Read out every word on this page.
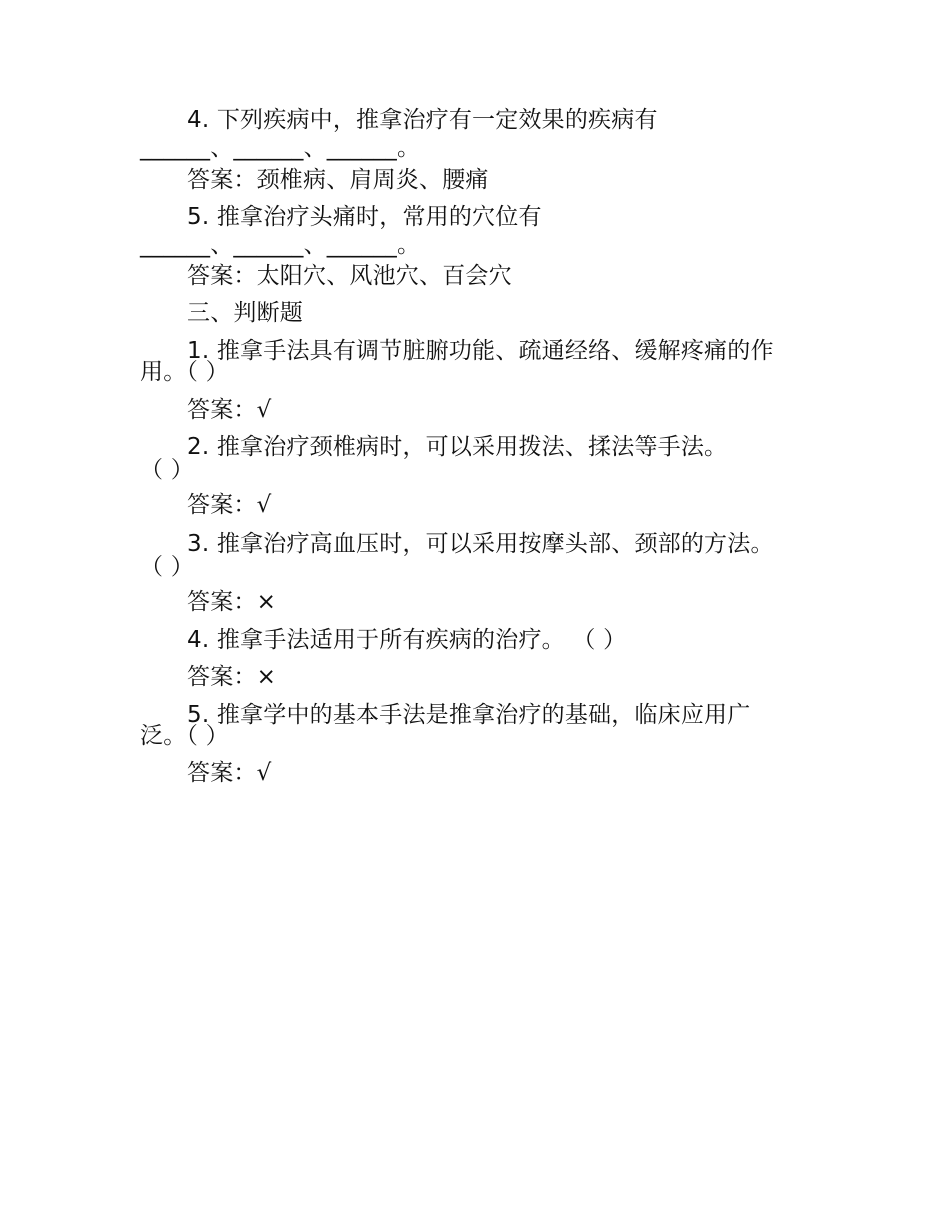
4. 下列疾病中，推拿治疗有一定效果的疾病有
______、______、______。
答案：颈椎病、肩周炎、腰痛
5. 推拿治疗头痛时，常用的穴位有
______、______、______。
答案：太阳穴、风池穴、百会穴
三、判断题
1. 推拿手法具有调节脏腑功能、疏通经络、缓解疼痛的作
用。（ ）
答案：√
2. 推拿治疗颈椎病时，可以采用拨法、揉法等手法。
（ ）
答案：√
3. 推拿治疗高血压时，可以采用按摩头部、颈部的方法。
（ ）
答案：×
4. 推拿手法适用于所有疾病的治疗。 （ ）
答案：×
5. 推拿学中的基本手法是推拿治疗的基础，临床应用广
泛。（ ）
答案：√
